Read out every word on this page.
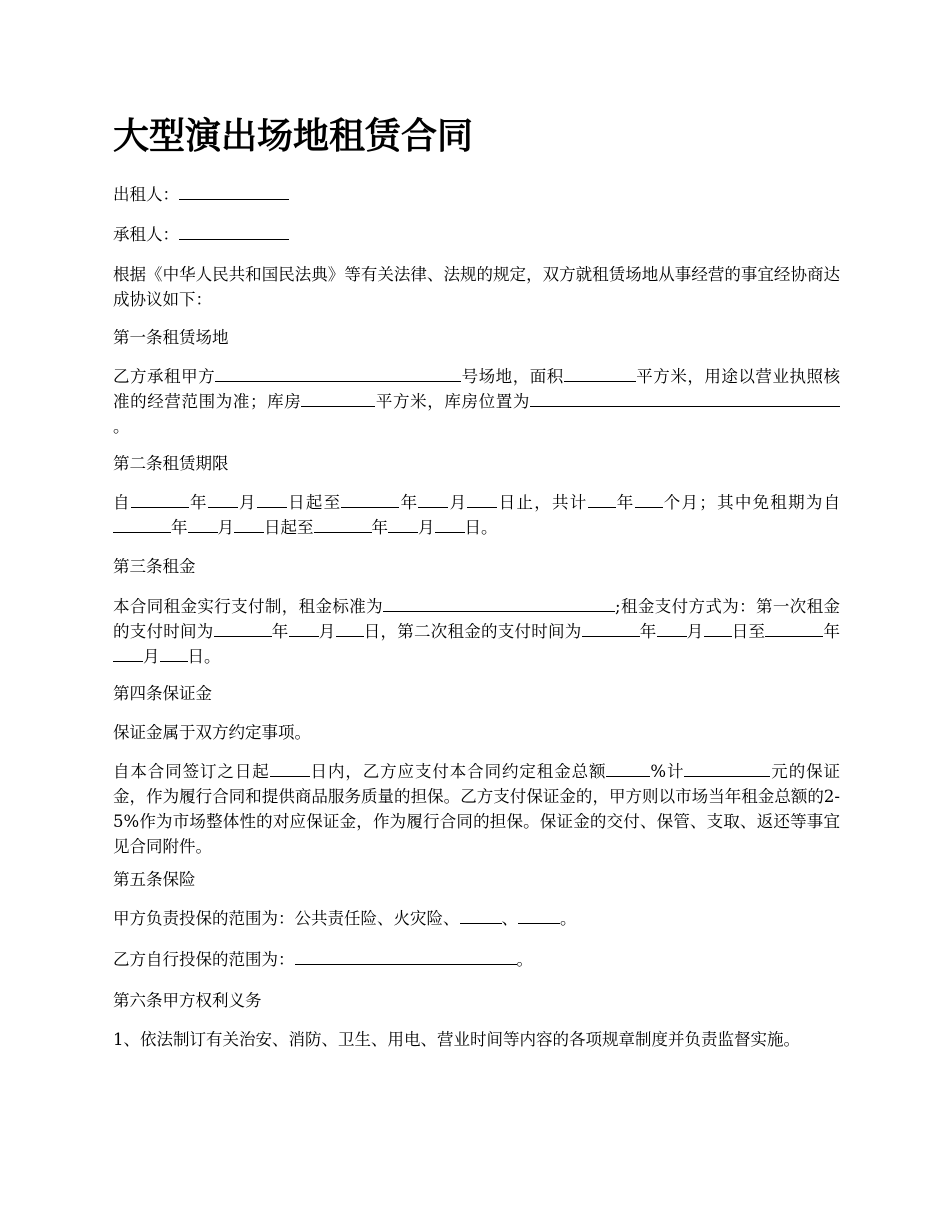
大型演出场地租赁合同

出租人：

承租人：

根据《中华人民共和国民法典》等有关法律、法规的规定，双方就租赁场地从事经营的事宜经协商达成协议如下：

第一条租赁场地

乙方承租甲方	号场地，面积	平方米，用途以营业执照核准的经营范围为准；库房	平方米，库房位置为。

第二条租赁期限

自	年 月 日起至	年 月 日止，共计 年 个月；其中免租期为自年 月 日起至	年 月 日。

第三条租金

本合同租金实行支付制，租金标准为	;租金支付方式为：第一次租金的支付时间为	年 月 日，第二次租金的支付时间为	年 月 日至	年月 日。

第四条保证金

保证金属于双方约定事项。

自本合同签订之日起 日内，乙方应支付本合同约定租金总额	%计	元的保证金，作为履行合同和提供商品服务质量的担保。乙方支付保证金的，甲方则以市场当年租金总额的2-5%作为市场整体性的对应保证金，作为履行合同的担保。保证金的交付、保管、支取、返还等事宜见合同附件。

第五条保险

甲方负责投保的范围为：公共责任险、火灾险、	、	。

乙方自行投保的范围为：	。

第六条甲方权利义务

1、依法制订有关治安、消防、卫生、用电、营业时间等内容的各项规章制度并负责监督实施。
